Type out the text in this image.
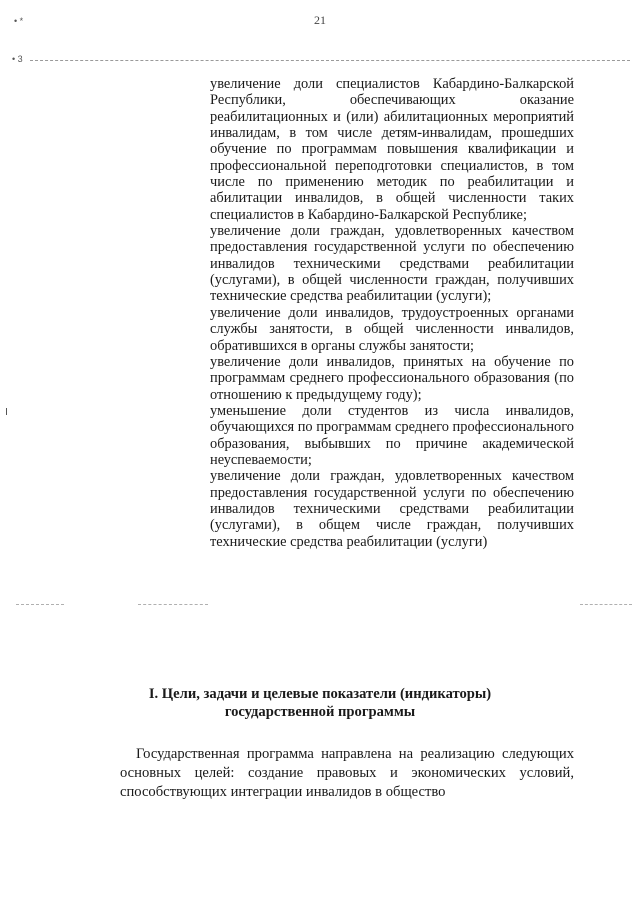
21
• *
• 3

увеличение доли специалистов Кабардино-Балкарской Республики, обеспечивающих оказание реабилитационных и (или) абилитационных мероприятий инвалидам, в том числе детям-инвалидам, прошедших обучение по программам повышения квалификации и профессиональной переподготовки специалистов, в том числе по применению методик по реабилитации и абилитации инвалидов, в общей численности таких специалистов в Кабардино-Балкарской Республике;

увеличение доли граждан, удовлетворенных качеством предоставления государственной услуги по обеспечению инвалидов техническими средствами реабилитации (услугами), в общей численности граждан, получивших технические средства реабилитации (услуги);

увеличение доли инвалидов, трудоустроенных органами службы занятости, в общей численности инвалидов, обратившихся в органы службы занятости;

увеличение доли инвалидов, принятых на обучение по программам среднего профессионального образования (по отношению к предыдущему году);

уменьшение доли студентов из числа инвалидов, обучающихся по программам среднего профессионального образования, выбывших по причине академической неуспеваемости;

увеличение доли граждан, удовлетворенных качеством предоставления государственной услуги по обеспечению инвалидов техническими средствами реабилитации (услугами), в общем числе граждан, получивших технические средства реабилитации (услуги)

I. Цели, задачи и целевые показатели (индикаторы)
государственной программы

Государственная программа направлена на реализацию следующих основных целей: создание правовых и экономических условий, способствующих интеграции инвалидов в общество
